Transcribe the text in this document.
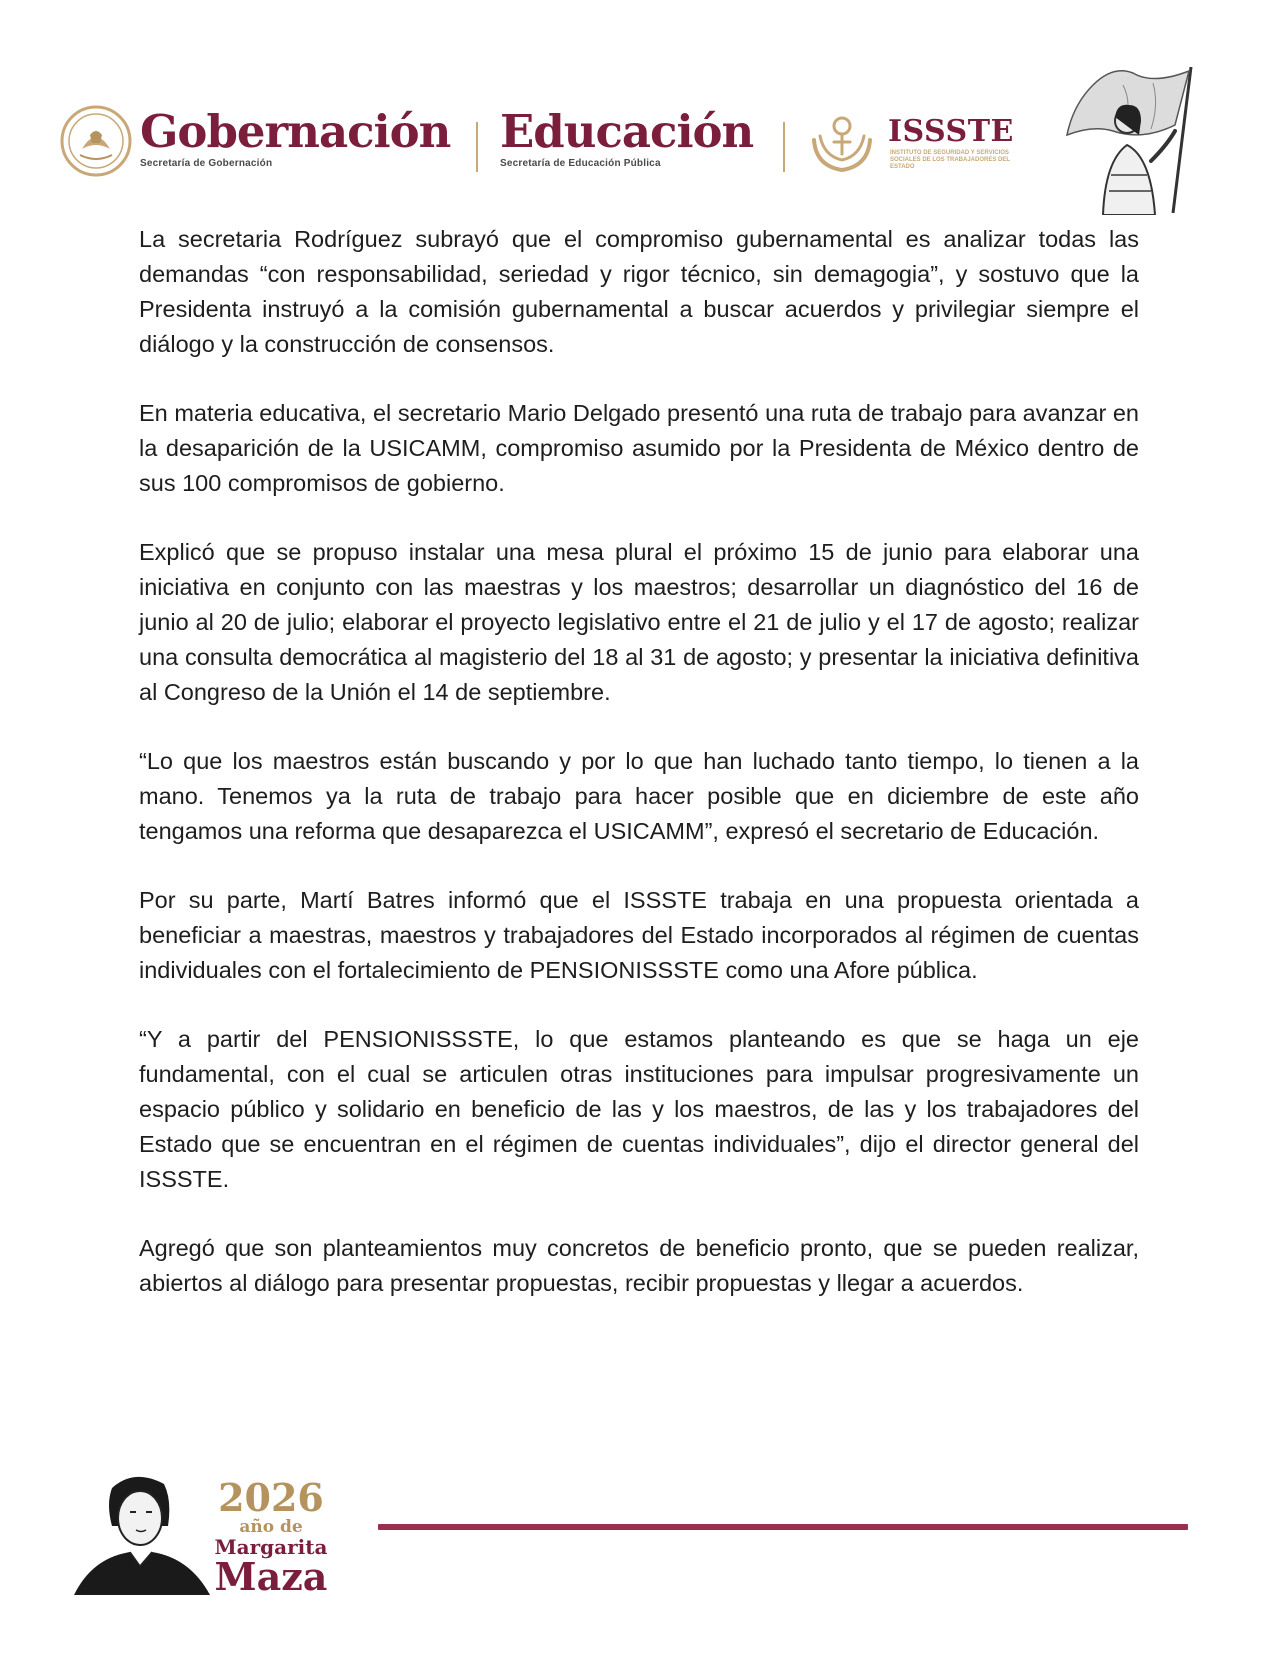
Gobernación
Secretaría de Gobernación
Educación
Secretaría de Educación Pública
ISSSTE
INSTITUTO DE SEGURIDAD Y SERVICIOS SOCIALES DE LOS TRABAJADORES DEL ESTADO

La secretaria Rodríguez subrayó que el compromiso gubernamental es analizar todas las demandas “con responsabilidad, seriedad y rigor técnico, sin demagogia”, y sostuvo que la Presidenta instruyó a la comisión gubernamental a buscar acuerdos y privilegiar siempre el diálogo y la construcción de consensos.

En materia educativa, el secretario Mario Delgado presentó una ruta de trabajo para avanzar en la desaparición de la USICAMM, compromiso asumido por la Presidenta de México dentro de sus 100 compromisos de gobierno.

Explicó que se propuso instalar una mesa plural el próximo 15 de junio para elaborar una iniciativa en conjunto con las maestras y los maestros; desarrollar un diagnóstico del 16 de junio al 20 de julio; elaborar el proyecto legislativo entre el 21 de julio y el 17 de agosto; realizar una consulta democrática al magisterio del 18 al 31 de agosto; y presentar la iniciativa definitiva al Congreso de la Unión el 14 de septiembre.

“Lo que los maestros están buscando y por lo que han luchado tanto tiempo, lo tienen a la mano. Tenemos ya la ruta de trabajo para hacer posible que en diciembre de este año tengamos una reforma que desaparezca el USICAMM”, expresó el secretario de Educación.

Por su parte, Martí Batres informó que el ISSSTE trabaja en una propuesta orientada a beneficiar a maestras, maestros y trabajadores del Estado incorporados al régimen de cuentas individuales con el fortalecimiento de PENSIONISSSTE como una Afore pública.

“Y a partir del PENSIONISSSTE, lo que estamos planteando es que se haga un eje fundamental, con el cual se articulen otras instituciones para impulsar progresivamente un espacio público y solidario en beneficio de las y los maestros, de las y los trabajadores del Estado que se encuentran en el régimen de cuentas individuales”, dijo el director general del ISSSTE.

Agregó que son planteamientos muy concretos de beneficio pronto, que se pueden realizar, abiertos al diálogo para presentar propuestas, recibir propuestas y llegar a acuerdos.

2026
año de
Margarita
Maza
